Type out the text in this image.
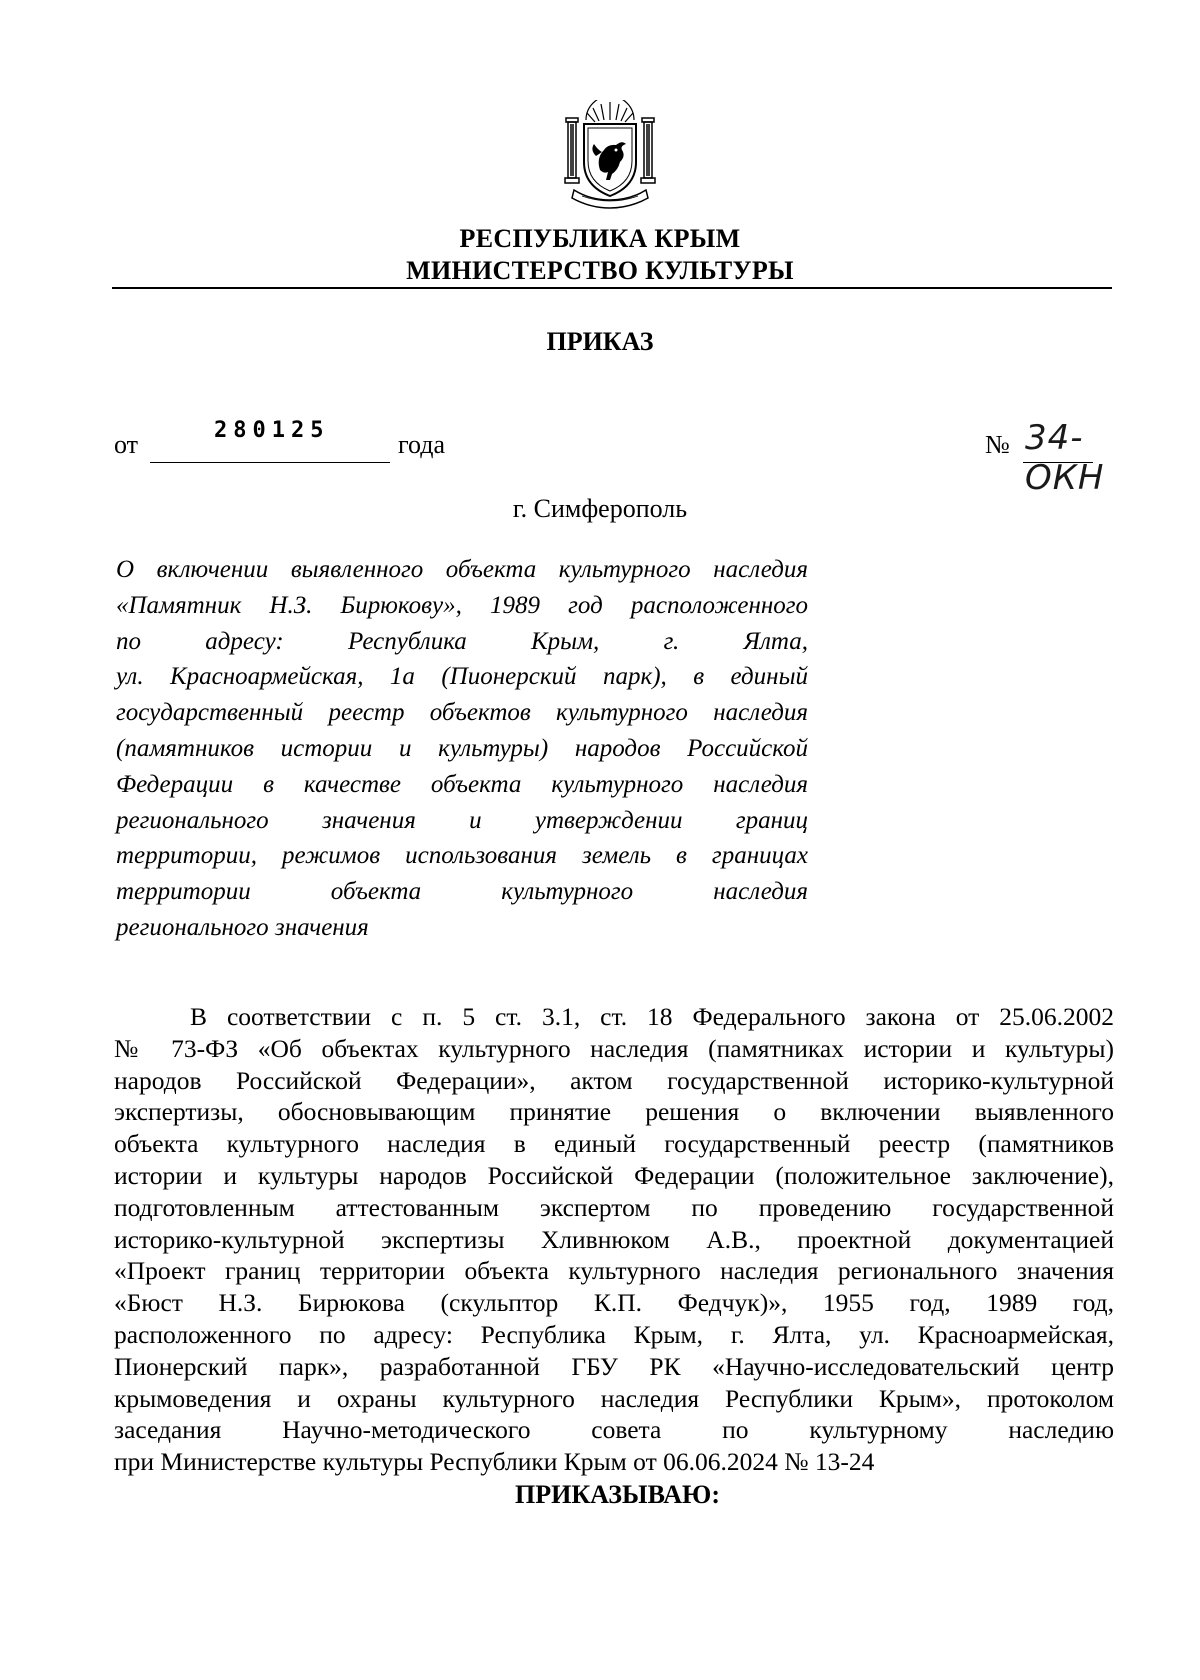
РЕСПУБЛИКА КРЫМ
МИНИСТЕРСТВО КУЛЬТУРЫ
ПРИКАЗ
от	280125	года	№ 34-ОКН
г. Симферополь
О включении выявленного объекта культурного наследия
«Памятник Н.З. Бирюкову», 1989 год расположенного
по адресу: Республика Крым, г. Ялта,
ул. Красноармейская, 1а (Пионерский парк), в единый
государственный реестр объектов культурного наследия
(памятников истории и культуры) народов Российской
Федерации в качестве объекта культурного наследия
регионального значения и утверждении границ
территории, режимов использования земель в границах
территории объекта культурного наследия
регионального значения
В соответствии с п. 5 ст. 3.1, ст. 18 Федерального закона от 25.06.2002
№ 73-ФЗ «Об объектах культурного наследия (памятниках истории и культуры)
народов Российской Федерации», актом государственной историко-культурной
экспертизы, обосновывающим принятие решения о включении выявленного
объекта культурного наследия в единый государственный реестр (памятников
истории и культуры народов Российской Федерации (положительное заключение),
подготовленным аттестованным экспертом по проведению государственной
историко-культурной экспертизы Хливнюком А.В., проектной документацией
«Проект границ территории объекта культурного наследия регионального значения
«Бюст Н.З. Бирюкова (скульптор К.П. Федчук)», 1955 год, 1989 год,
расположенного по адресу: Республика Крым, г. Ялта, ул. Красноармейская,
Пионерский парк», разработанной ГБУ РК «Научно-исследовательский центр
крымоведения и охраны культурного наследия Республики Крым», протоколом
заседания Научно-методического совета по культурному наследию
при Министерстве культуры Республики Крым от 06.06.2024 № 13-24
ПРИКАЗЫВАЮ:
